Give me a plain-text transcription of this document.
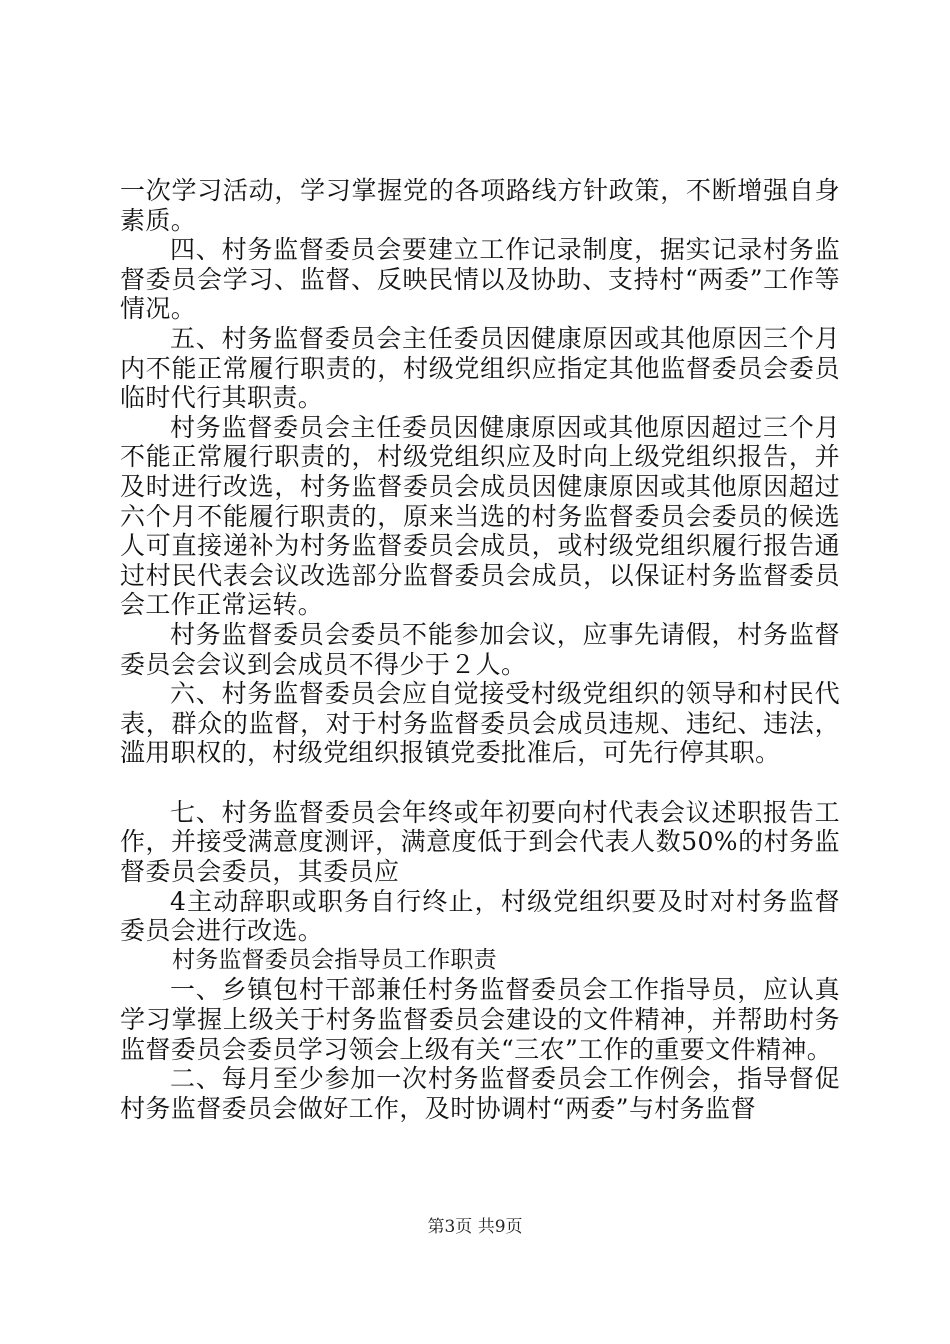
一次学习活动，学习掌握党的各项路线方针政策，不断增强自身素质。

四、村务监督委员会要建立工作记录制度，据实记录村务监督委员会学习、监督、反映民情以及协助、支持村“两委”工作等情况。

五、村务监督委员会主任委员因健康原因或其他原因三个月内不能正常履行职责的，村级党组织应指定其他监督委员会委员临时代行其职责。

村务监督委员会主任委员因健康原因或其他原因超过三个月不能正常履行职责的，村级党组织应及时向上级党组织报告，并及时进行改选，村务监督委员会成员因健康原因或其他原因超过六个月不能履行职责的，原来当选的村务监督委员会委员的候选人可直接递补为村务监督委员会成员，或村级党组织履行报告通过村民代表会议改选部分监督委员会成员，以保证村务监督委员会工作正常运转。

村务监督委员会委员不能参加会议，应事先请假，村务监督委员会会议到会成员不得少于２人。

六、村务监督委员会应自觉接受村级党组织的领导和村民代表，群众的监督，对于村务监督委员会成员违规、违纪、违法，滥用职权的，村级党组织报镇党委批准后，可先行停其职。

七、村务监督委员会年终或年初要向村代表会议述职报告工作，并接受满意度测评，满意度低于到会代表人数50%的村务监督委员会委员，其委员应

4主动辞职或职务自行终止，村级党组织要及时对村务监督委员会进行改选。

村务监督委员会指导员工作职责

一、乡镇包村干部兼任村务监督委员会工作指导员，应认真学习掌握上级关于村务监督委员会建设的文件精神，并帮助村务监督委员会委员学习领会上级有关“三农”工作的重要文件精神。

二、每月至少参加一次村务监督委员会工作例会，指导督促村务监督委员会做好工作，及时协调村“两委”与村务监督

第3页 共9页
